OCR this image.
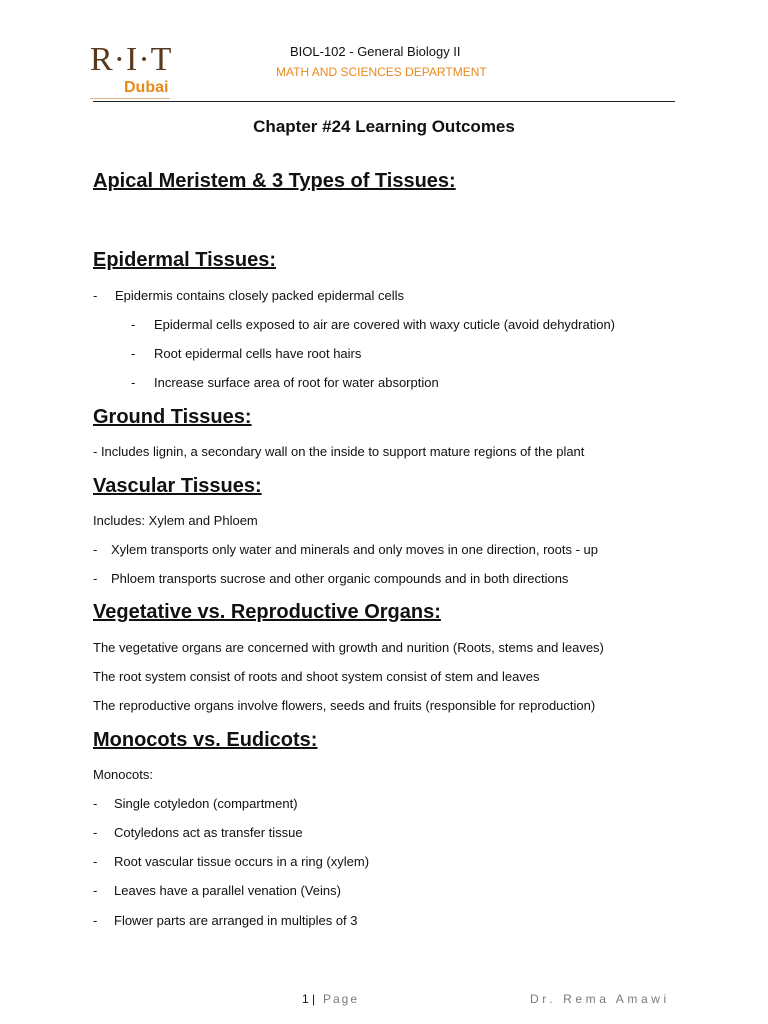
R·I·T
Dubai
BIOL-102 - General Biology II
MATH AND SCIENCES DEPARTMENT
Chapter #24 Learning Outcomes
Apical Meristem & 3 Types of Tissues:
Epidermal Tissues:
- Epidermis contains closely packed epidermal cells
- Epidermal cells exposed to air are covered with waxy cuticle (avoid dehydration)
- Root epidermal cells have root hairs
- Increase surface area of root for water absorption
Ground Tissues:
- Includes lignin, a secondary wall on the inside to support mature regions of the plant
Vascular Tissues:
Includes: Xylem and Phloem
- Xylem transports only water and minerals and only moves in one direction, roots - up
- Phloem transports sucrose and other organic compounds and in both directions
Vegetative vs. Reproductive Organs:
The vegetative organs are concerned with growth and nurition (Roots, stems and leaves)
The root system consist of roots and shoot system consist of stem and leaves
The reproductive organs involve flowers, seeds and fruits (responsible for reproduction)
Monocots vs. Eudicots:
Monocots:
- Single cotyledon (compartment)
- Cotyledons act as transfer tissue
- Root vascular tissue occurs in a ring (xylem)
- Leaves have a parallel venation (Veins)
- Flower parts are arranged in multiples of 3
1 | Page	Dr. Rema Amawi
